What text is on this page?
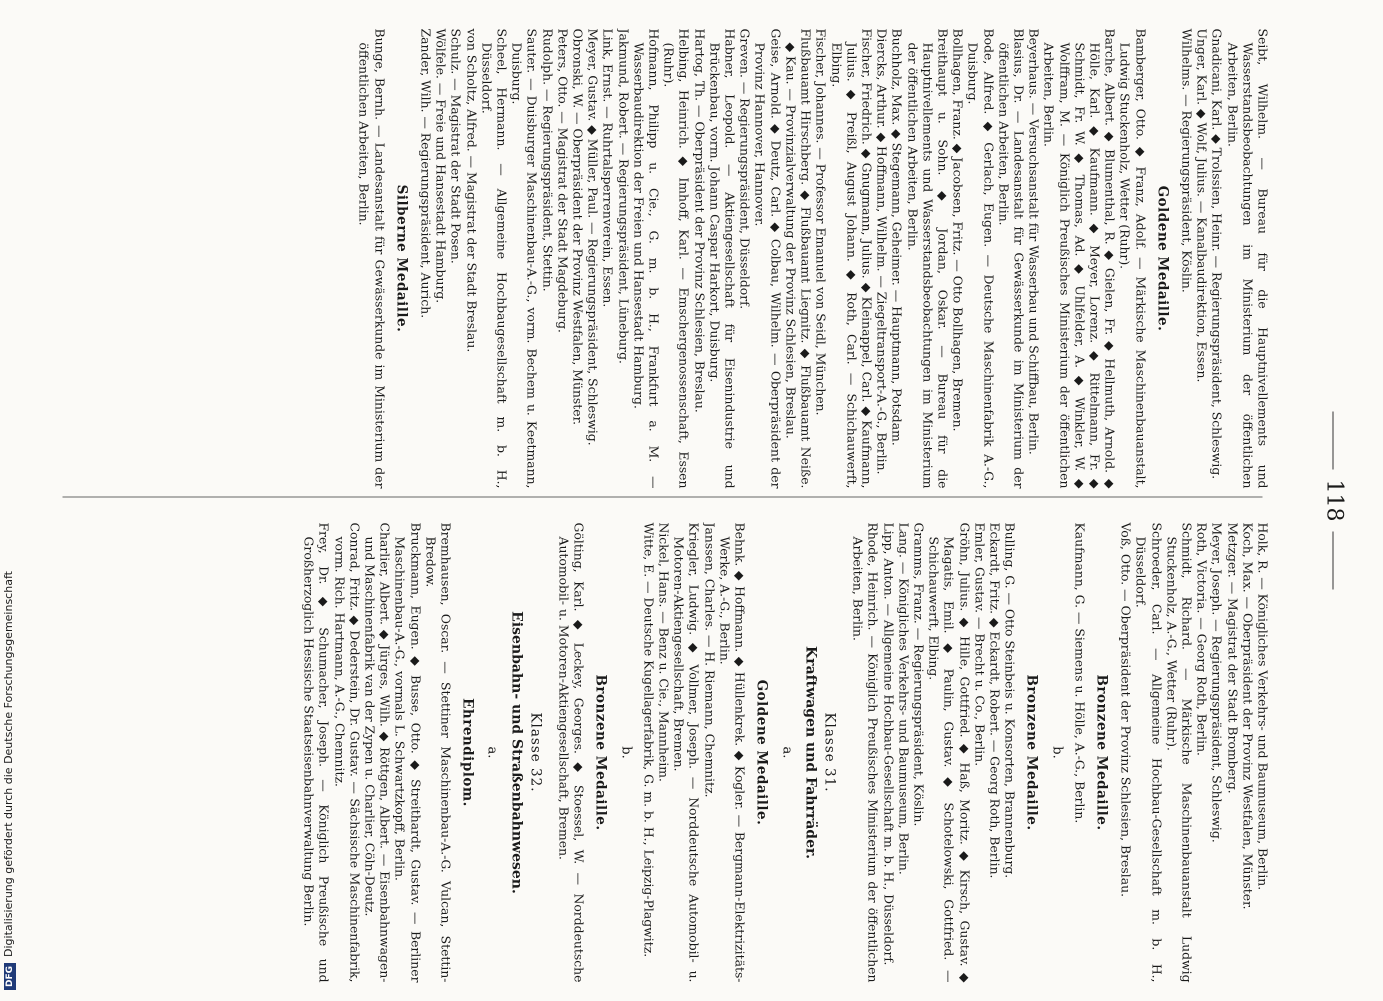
118

Seibt, Wilhelm. — Bureau für die Hauptnivellements und Wasserstandsbeobachtungen im Ministerium der öffentlichen Arbeiten, Berlin.

Gnadicani, Karl. ◆ Trolssien, Heinr. — Regierungspräsident, Schleswig.

Unger, Karl. ◆ Wolf, Julius. — Kanalbaudirektion, Essen.

Wilhelms. — Regierungspräsident, Köslin.

Goldene Medaille.

Bamberger, Otto. ◆ Franz, Adolf. — Märkische Maschinenbauanstalt, Ludwig Stuckenholz, Wetter (Ruhr).

Barche, Albert. ◆ Blumenthal, R. ◆ Gielen, Fr. ◆ Hellmuth, Arnold. ◆ Hölle, Karl. ◆ Kaufmann. ◆ Meyer, Lorenz. ◆ Rittelmann, Fr. ◆ Schmidt, Fr. W. ◆ Thomas, Ad. ◆ Uhlfelder, A. ◆ Winkler, W. ◆ Wolffram, M. — Königlich Preußisches Ministerium der öffentlichen Arbeiten, Berlin.

Beyerhaus. — Versuchsanstalt für Wasserbau und Schiffbau, Berlin.

Blasius, Dr. — Landesanstalt für Gewässerkunde im Ministerium der öffentlichen Arbeiten, Berlin.

Bode, Alfred. ◆ Gerlach, Eugen. — Deutsche Maschinenfabrik A.-G., Duisburg.

Bollhagen, Franz. ◆ Jacobsen, Fritz. — Otto Bollhagen, Bremen.

Breithaupt u. Sohn. ◆ Jordan, Oskar. — Bureau für die Hauptnivellements und Wasserstandsbeobachtungen im Ministerium der öffentlichen Arbeiten, Berlin.

Buchholz, Max. ◆ Stegemann, Geheimer. — Hauptmann, Potsdam.

Diercks, Arthur. ◆ Hoffmann, Wilhelm. — Ziegeltransport-A.-G., Berlin.

Fischer, Friedrich. ◆ Gnugmann, Julius. ◆ Kleinappel, Carl. ◆ Kaufmann, Julius. ◆ Preißl, August Johann. ◆ Roth, Carl. — Schichauwerft, Elbing.

Fischer, Johannes. — Professor Emanuel von Seidl, München.

Flußbauamt Hirschberg. ◆ Flußbauamt Liegnitz. ◆ Flußbauamt Neiße. ◆ Kau. — Provinzialverwaltung der Provinz Schlesien, Breslau.

Geise, Arnold. ◆ Deutz, Carl. ◆ Colbau, Wilhelm. — Oberpräsident der Provinz Hannover, Hannover.

Greven. — Regierungspräsident, Düsseldorf.

Habner, Leopold. — Aktiengesellschaft für Eisenindustrie und Brückenbau, vorm. Johann Caspar Harkort, Duisburg.

Hartog, Th. — Oberpräsident der Provinz Schlesien, Breslau.

Helbing, Heinrich. ◆ Imhoff, Karl. — Emschergenossenschaft, Essen (Ruhr).

Hofmann, Philipp u. Cie., G. m. b. H., Frankfurt a. M. — Wasserbaudirektion der Freien und Hansestadt Hamburg.

Jakmund, Robert. — Regierungspräsident, Lüneburg.

Link, Ernst. — Ruhrtalsperrenverein, Essen.

Meyer, Gustav. ◆ Müller, Paul. — Regierungspräsident, Schleswig.

Obronski, W. — Oberpräsident der Provinz Westfalen, Münster.

Peters, Otto. — Magistrat der Stadt Magdeburg.

Rudolph. — Regierungspräsident, Stettin.

Sauter. — Duisburger Maschinenbau-A.-G., vorm. Bechem u. Keetmann, Duisburg.

Scheel, Hermann. — Allgemeine Hochbaugesellschaft m. b. H., Düsseldorf.

von Scholtz, Alfred. — Magistrat der Stadt Breslau.

Schulz. — Magistrat der Stadt Posen.

Wölfele. — Freie und Hansestadt Hamburg.

Zander, Wilh. — Regierungspräsident, Aurich.

Silberne Medaille.

Bunge, Bernh. — Landesanstalt für Gewässerkunde im Ministerium der öffentlichen Arbeiten, Berlin.

Holk, R. — Königliches Verkehrs- und Baumuseum, Berlin.

Koch, Max. — Oberpräsident der Provinz Westfalen, Münster.

Metzger. — Magistrat der Stadt Bromberg.

Meyer, Joseph. — Regierungspräsident, Schleswig.

Roth, Victoria. — Georg Roth, Berlin.

Schmidt, Richard. — Märkische Maschinenbauanstalt Ludwig Stuckenholz, A.-G., Wetter (Ruhr).

Schroeder, Carl. — Allgemeine Hochbau-Gesellschaft m. b. H., Düsseldorf.

Voß, Otto. — Oberpräsident der Provinz Schlesien, Breslau.

Bronzene Medaille.

Kaufmann, G. — Siemens u. Hölle, A.-G., Berlin.

b.

Bronzene Medaille.

Bulling, G. — Otto Steinbeis u. Konsorten, Brannenburg.

Eckardt, Fritz. ◆ Eckardt, Robert. — Georg Roth, Berlin.

Emler, Gustav. — Brecht u. Co., Berlin.

Gröhn, Julius. ◆ Hille, Gottfried. ◆ Haß, Moritz. ◆ Kirsch, Gustav. ◆ Magatis, Emil. ◆ Paulin, Gustav. ◆ Schotelowski, Gottfried. — Schichauwerft, Elbing.

Gramms, Franz. — Regierungspräsident, Köslin.

Lang. — Königliches Verkehrs- und Baumuseum, Berlin.

Lipp, Anton. — Allgemeine Hochbau-Gesellschaft m. b. H., Düsseldorf.

Rhode, Heinrich. — Königlich Preußisches Ministerium der öffentlichen Arbeiten, Berlin.

Klasse 31.

Kraftwagen und Fahrräder.

a.

Goldene Medaille.

Behnk. ◆ Hoffmann. ◆ Hüllenkrek. ◆ Kogler. — Bergmann-Elektrizitäts-Werke, A.-G., Berlin.

Janssen, Charles. — H. Riemann, Chemnitz.

Kriegler, Ludwig. ◆ Vollmer, Joseph. — Norddeutsche Automobil- u. Motoren-Aktiengesellschaft, Bremen.

Nickel, Hans. — Benz u. Cie., Mannheim.

Witte, E. — Deutsche Kugellagerfabrik, G. m. b. H., Leipzig-Plagwitz.

b.

Bronzene Medaille.

Gölting, Karl. ◆ Leckey, Georges. ◆ Stoessel, W. — Norddeutsche Automobil- u. Motoren-Aktiengesellschaft, Bremen.

Klasse 32.

Eisenbahn- und Straßenbahnwesen.

a.

Ehrendiplom.

Bremhausen, Oscar. — Stettiner Maschinenbau-A.-G. Vulcan, Stettin-Bredow.

Bruckmann, Eugen. ◆ Busse, Otto. ◆ Streithardt, Gustav. — Berliner Maschinenbau-A.-G., vormals L. Schwartzkopff, Berlin.

Charlier, Albert. ◆ Jürges, Wilh. ◆ Röttgen, Albert. — Eisenbahnwagen- und Maschinenfabrik van der Zypen u. Charlier, Cöln-Deutz.

Conrad, Fritz. ◆ Dederstein, Dr. Gustav. — Sächsische Maschinenfabrik, vorm. Rich. Hartmann, A.-G., Chemnitz.

Frey, Dr. ◆ Schumacher, Joseph. — Königlich Preußische und Großherzoglich Hessische Staatseisenbahnverwaltung Berlin.

DFGDigitalisierung gefördert durch die Deutsche Forschungsgemeinschaft
